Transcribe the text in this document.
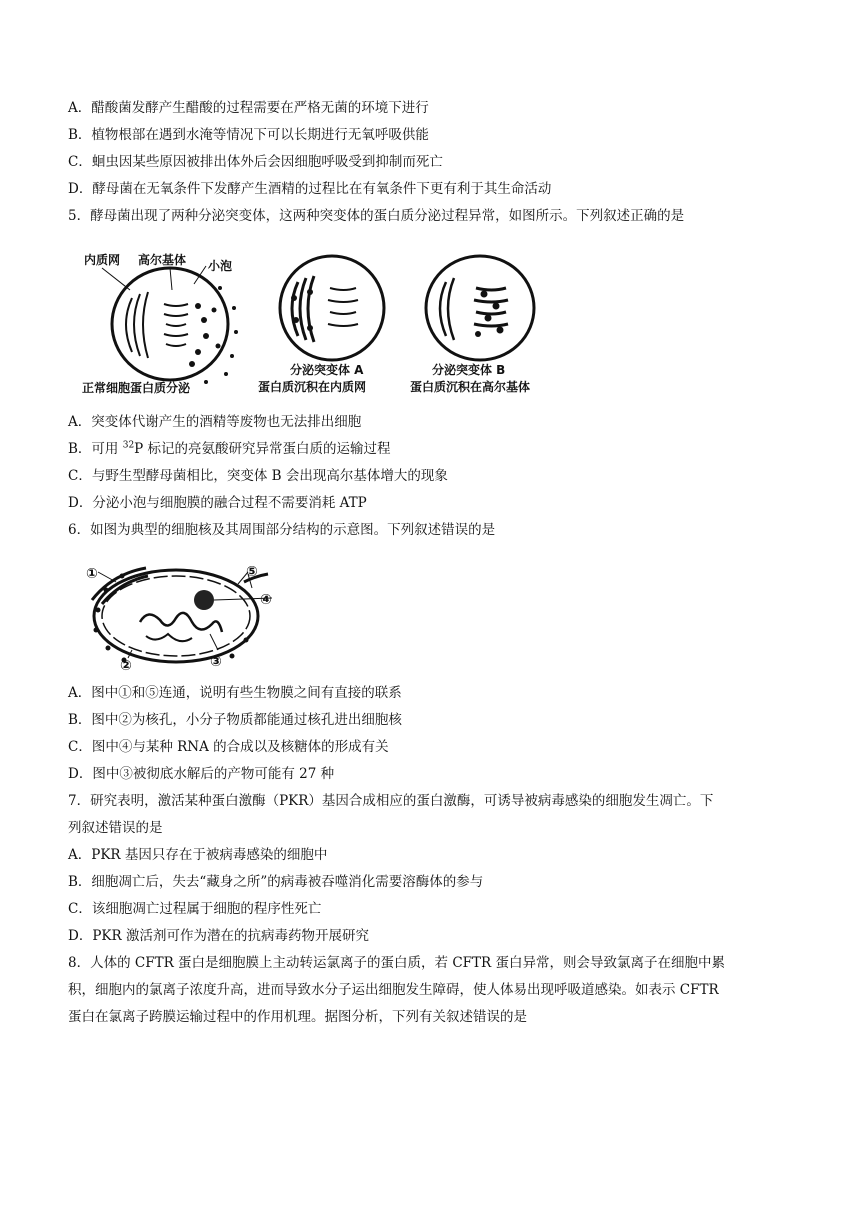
A．醋酸菌发酵产生醋酸的过程需要在严格无菌的环境下进行
B．植物根部在遇到水淹等情况下可以长期进行无氧呼吸供能
C．蛔虫因某些原因被排出体外后会因细胞呼吸受到抑制而死亡
D．酵母菌在无氧条件下发酵产生酒精的过程比在有氧条件下更有利于其生命活动
5．酵母菌出现了两种分泌突变体，这两种突变体的蛋白质分泌过程异常，如图所示。下列叙述正确的是
内质网 高尔基体 小泡
正常细胞蛋白质分泌
分泌突变体 A
蛋白质沉积在内质网
分泌突变体 B
蛋白质沉积在高尔基体
A．突变体代谢产生的酒精等废物也无法排出细胞
B．可用 $^{32}$P 标记的亮氨酸研究异常蛋白质的运输过程
C．与野生型酵母菌相比，突变体 B 会出现高尔基体增大的现象
D．分泌小泡与细胞膜的融合过程不需要消耗 ATP
6．如图为典型的细胞核及其周围部分结构的示意图。下列叙述错误的是
①
②	③
④
⑤
A．图中①和⑤连通，说明有些生物膜之间有直接的联系
B．图中②为核孔，小分子物质都能通过核孔进出细胞核
C．图中④与某种 RNA 的合成以及核糖体的形成有关
D．图中③被彻底水解后的产物可能有 27 种
7．研究表明，激活某种蛋白激酶（PKR）基因合成相应的蛋白激酶，可诱导被病毒感染的细胞发生凋亡。下
列叙述错误的是
A．PKR 基因只存在于被病毒感染的细胞中
B．细胞凋亡后，失去“藏身之所”的病毒被吞噬消化需要溶酶体的参与
C．该细胞凋亡过程属于细胞的程序性死亡
D．PKR 激活剂可作为潜在的抗病毒药物开展研究
8．人体的 CFTR 蛋白是细胞膜上主动转运氯离子的蛋白质，若 CFTR 蛋白异常，则会导致氯离子在细胞中累
积，细胞内的氯离子浓度升高，进而导致水分子运出细胞发生障碍，使人体易出现呼吸道感染。如表示 CFTR
蛋白在氯离子跨膜运输过程中的作用机理。据图分析，下列有关叙述错误的是
